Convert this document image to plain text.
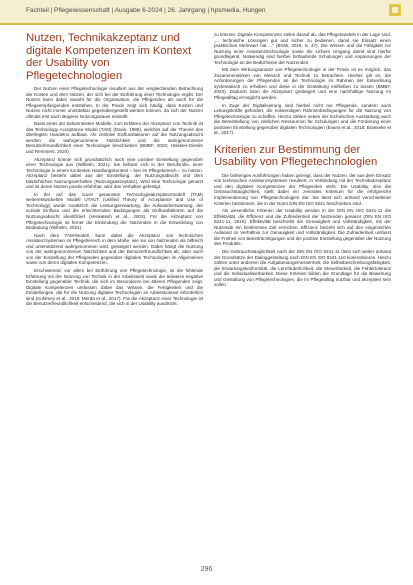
Fachteil | Pflegewissenschaft | Ausgabe 6-2024 | 26. Jahrgang | hpsmedia, Hungen
Nutzen, Technikakzeptanz und digitale Kompetenzen im Kontext der Usability von Pflegetechnologien

Der Nutzen einer Pflegetechnologie resultiert aus der vergleichenden Betrachtung der Kosten und dem Nutzen, der sich bei der Einführung einer Technologie ergibt. Der Nutzen kann dabei sowohl für die Organisation, die Pflegenden als auch für die Pflegeempfangenden entstehen. In der Praxis zeigt sich häufig, dass Kosten und Nutzen nicht immer unmittelbar gegenübergestellt werden können, da sich der Nutzen oftmals erst nach längerer Nutzungsdauer einstellt.

Basis eines der bekanntesten Modelle, zum Erklären der Akzeptanz von Technik ist das Technology Acceptance Model (TAM) (Davis, 1989), welches auf der Theorie des überlegten Handelns aufbaut. Als zentrale Einflussfaktoren auf die Nutzungsabsicht werden die wahrgenommene Nützlichkeit und die wahrgenommene Benutzerfreundlichkeit einer Technologie beschrieben (BMBF, 2020; Hülsken-Giesler und Remmers, 2020).

Akzeptanz konnte sich grundsätzlich auch eine positive Einstellung gegenüber einer Technologie aus (Wilhelm, 2021). Sie befasst sich in der Berufsrolle, einer Technologie in einem konkreten Handlungskontext – hier im Pflegebereich – zu nutzen. Akzeptanz besteht dabei aus der Einstellung, der Nutzungsabsicht und dem tatsächlichen Nutzungsverhalten (Nutzungsakzeptanz). Wird eine Technologie genutzt und ist deren Nutzen positiv erfahrbar, wird das Verhalten gefestigt.

In der auf das zuvor genannten Technologieakzeptanzmodell (TAM) weiterentwickelten Modell UTAUT (Unified Theory of Acceptance and Use of Technology) wurde zusätzlich die Leistungserwartung, die Aufwandserwartung, der soziale Einfluss und die erleichternden Bedingungen als Einflussfaktoren auf die Nutzungsabsicht identifiziert (Venkatesh et al., 2003). Für die Akzeptanz von Pflegetechnologie ist ferner die Einbindung der Nutzenden in die Entwicklung von Bedeutung (Wilhelm, 2021).

Nach dem TAM-Modell, kann dabei die Akzeptanz von technischen Assistenzsystemen im Pflegebereich in dem Maße, wie sie von Nutzenden als hilfreich und unterstützend wahrgenommen wird, gesteigert werden. Dabei hängt die Nutzung von der wahrgenommenen Nützlichkeit und der Benutzerfreundlichkeit ab, aber auch von der Einstellung der Pflegenden gegenüber digitalen Technologien im Allgemeinen sowie von deren digitalen Kompetenzen.

Erschwerend, vor allem bei Einführung von Pflegetechnologie, ist die fehlende Erfahrung mit der Nutzung von Technik in der Arbeitswelt sowie die teilweise negative Einstellung gegenüber Technik, die sich im Besonderen bei älteren Pflegenden zeigt. Digitale Kompetenzen umfassen dabei das Wissen, die Fertigkeiten und die Einstellungen, die für die Nutzung digitaler Technologien im Arbeitskontext erforderlich sind (Kuhlmey et al., 2019; Merda et al., 2017). Für die Akzeptanz einer Technologie ist die Benutzerfreundlichkeit entscheidend, die sich in der Usability ausdrückt.

zu können. Digitale Kompetenzen zielen darauf ab, das Pflegehandeln in der Lage sind, „... technische Lösungen gut und sicher zu bedienen, damit sie Einsatz einen praktischen Mehrwert hat ..." (BGW, 2018, S. 47). Die Wissen und die Fähigkeit zur Nutzung einer Assistenztechnologie sowie die sichere Umgang damit sind hierfür grundlegend. Notwendig sind hierbei fortlaufende Schulungen und Anpassungen der Technologie an die Bedürfnisse der Nutzenden.

Mit dem Wirkungsansatz von Pflegetechnologie in der Praxis ist es möglich, das Zusammenwirken von Mensch und Technik zu betrachten. Hierbei gilt es, die Anforderungen der Pflegenden an die Technologie im Rahmen der Entwicklung systematisch zu erheben und diese in die Gestaltung einfließen zu lassen (BMBF, 2020). Dadurch kann die Akzeptanz gesteigert und eine nachhaltige Nutzung im Pflegealltag ermöglicht werden.

In Zuge der Digitalisierung sind hierbei nicht nur Pflegende, sondern auch Leitungskräfte gefordert, die notwendigen Rahmenbedingungen für die Nutzung von Pflegetechnologie zu schaffen. Hierzu zählen neben der technischen Ausstattung auch die Bereitstellung von zeitlichen Ressourcen für Schulungen und die Förderung einer positiven Einstellung gegenüber digitalen Technologien (Evans et al., 2018; Braeseke et al., 2017).

Kriterien zur Bestimmung der Usability von Pflegetechnologien

Die bisherigen Ausführungen haben gezeigt, dass der Nutzen, der aus dem Einsatz von technischen Assistenzsystemen resultiert, in Verbindung mit der Technikakzeptanz und den digitalen Kompetenzen der Pflegenden steht. Die Usability, also die Gebrauchstauglichkeit, stellt dabei ein zentrales Kriterium für die erfolgreiche Implementierung von Pflegetechnologien dar. Sie lässt sich anhand verschiedener Kriterien bestimmen, die in der Norm DIN EN ISO 9241 beschrieben sind.

Als wesentliche Kriterien der Usability werden in der DIN EN ISO 9241-11 die Effektivität, die Effizienz und die Zufriedenheit der Nutzenden genannt (DIN EN ISO 9241-11, 2018). Effektivität beschreibt die Genauigkeit und Vollständigkeit, mit der Nutzende ein bestimmtes Ziel erreichen. Effizienz bezieht sich auf den eingesetzten Aufwand im Verhältnis zur Genauigkeit und Vollständigkeit. Die Zufriedenheit umfasst die Freiheit von Beeinträchtigungen und die positive Einstellung gegenüber der Nutzung des Produkts.

Die Gebrauchstauglichkeit nach der DIN EN ISO 9241-11 lässt sich weiter anhand der Grundsätze der Dialoggestaltung nach DIN EN ISO 9241-110 konkretisieren. Hierzu zählen unter anderem die Aufgabenangemessenheit, die Selbstbeschreibungsfähigkeit, die Erwartungskonformität, die Lernförderlichkeit, die Steuerbarkeit, die Fehlertoleranz und die Individualisierbarkeit. Diese Kriterien bilden die Grundlage für die Bewertung und Gestaltung von Pflegetechnologien, die im Pflegealltag nutzbar und akzeptiert sein sollen.

296
